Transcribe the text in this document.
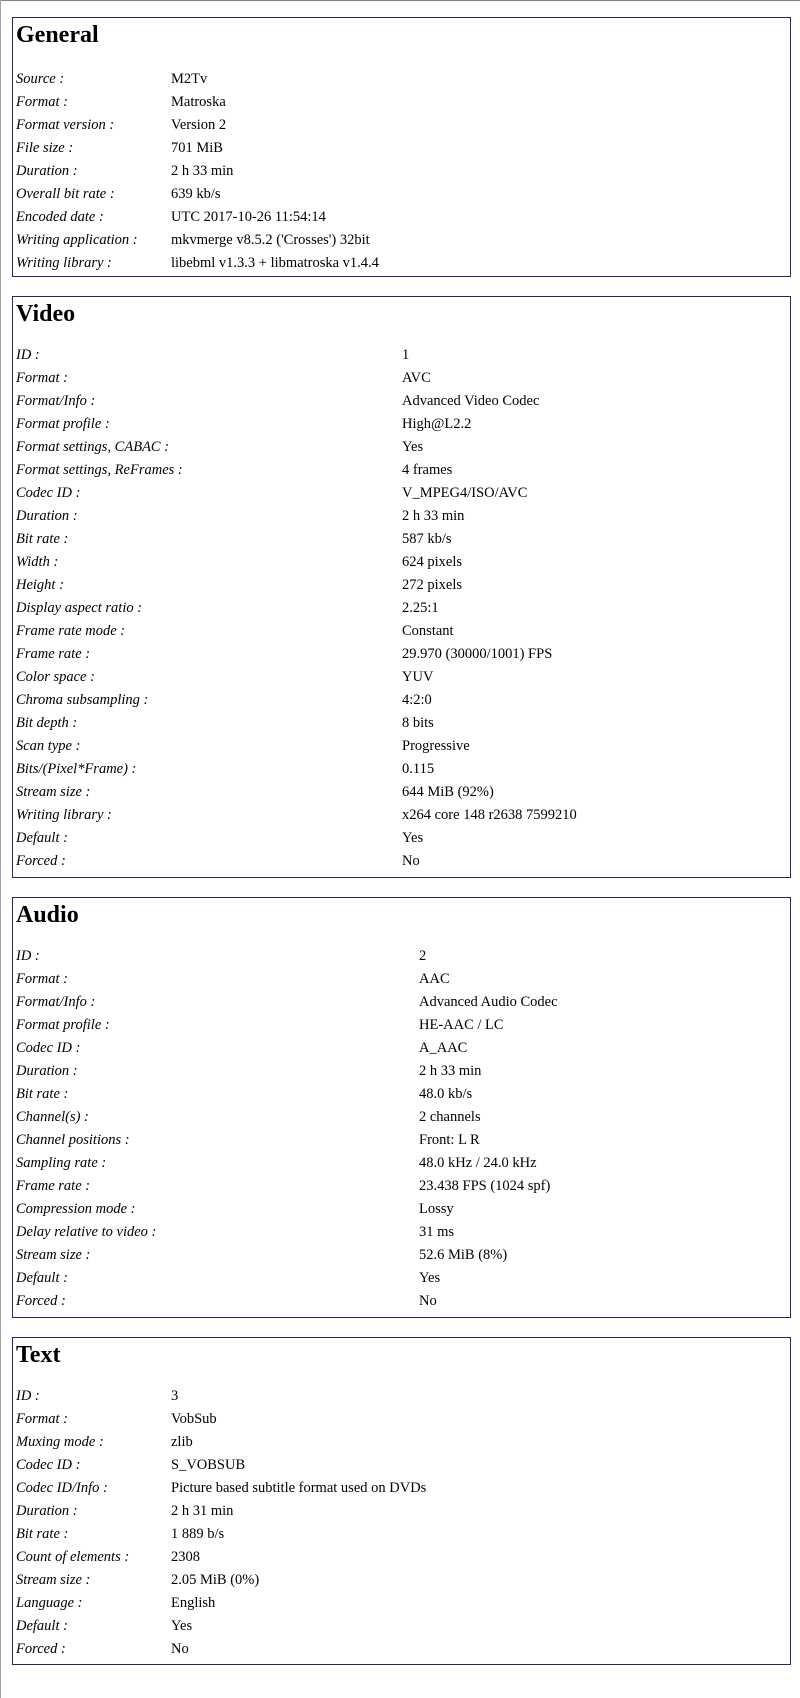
General
Source :	M2Tv
Format :	Matroska
Format version :	Version 2
File size :	701 MiB
Duration :	2 h 33 min
Overall bit rate :	639 kb/s
Encoded date :	UTC 2017-10-26 11:54:14
Writing application : mkvmerge v8.5.2 ('Crosses') 32bit
Writing library :	libebml v1.3.3 + libmatroska v1.4.4
Video
ID :	1
Format :	AVC
Format/Info :	Advanced Video Codec
Format profile :	High@L2.2
Format settings, CABAC :	Yes
Format settings, ReFrames :	4 frames
Codec ID :	V_MPEG4/ISO/AVC
Duration :	2 h 33 min
Bit rate :	587 kb/s
Width :	624 pixels
Height :	272 pixels
Display aspect ratio :	2.25:1
Frame rate mode :	Constant
Frame rate :	29.970 (30000/1001) FPS
Color space :	YUV
Chroma subsampling :	4:2:0
Bit depth :	8 bits
Scan type :	Progressive
Bits/(Pixel*Frame) :	0.115
Stream size :	644 MiB (92%)
Writing library :	x264 core 148 r2638 7599210
Default :	Yes
Forced :	No
Audio
ID :	2
Format :	AAC
Format/Info :	Advanced Audio Codec
Format profile :	HE-AAC / LC
Codec ID :	A_AAC
Duration :	2 h 33 min
Bit rate :	48.0 kb/s
Channel(s) :	2 channels
Channel positions :	Front: L R
Sampling rate :	48.0 kHz / 24.0 kHz
Frame rate :	23.438 FPS (1024 spf)
Compression mode :	Lossy
Delay relative to video :	31 ms
Stream size :	52.6 MiB (8%)
Default :	Yes
Forced :	No
Text
ID :	3
Format :	VobSub
Muxing mode :	zlib
Codec ID :	S_VOBSUB
Codec ID/Info :	Picture based subtitle format used on DVDs
Duration :	2 h 31 min
Bit rate :	1 889 b/s
Count of elements :	2308
Stream size :	2.05 MiB (0%)
Language :	English
Default :	Yes
Forced :	No
